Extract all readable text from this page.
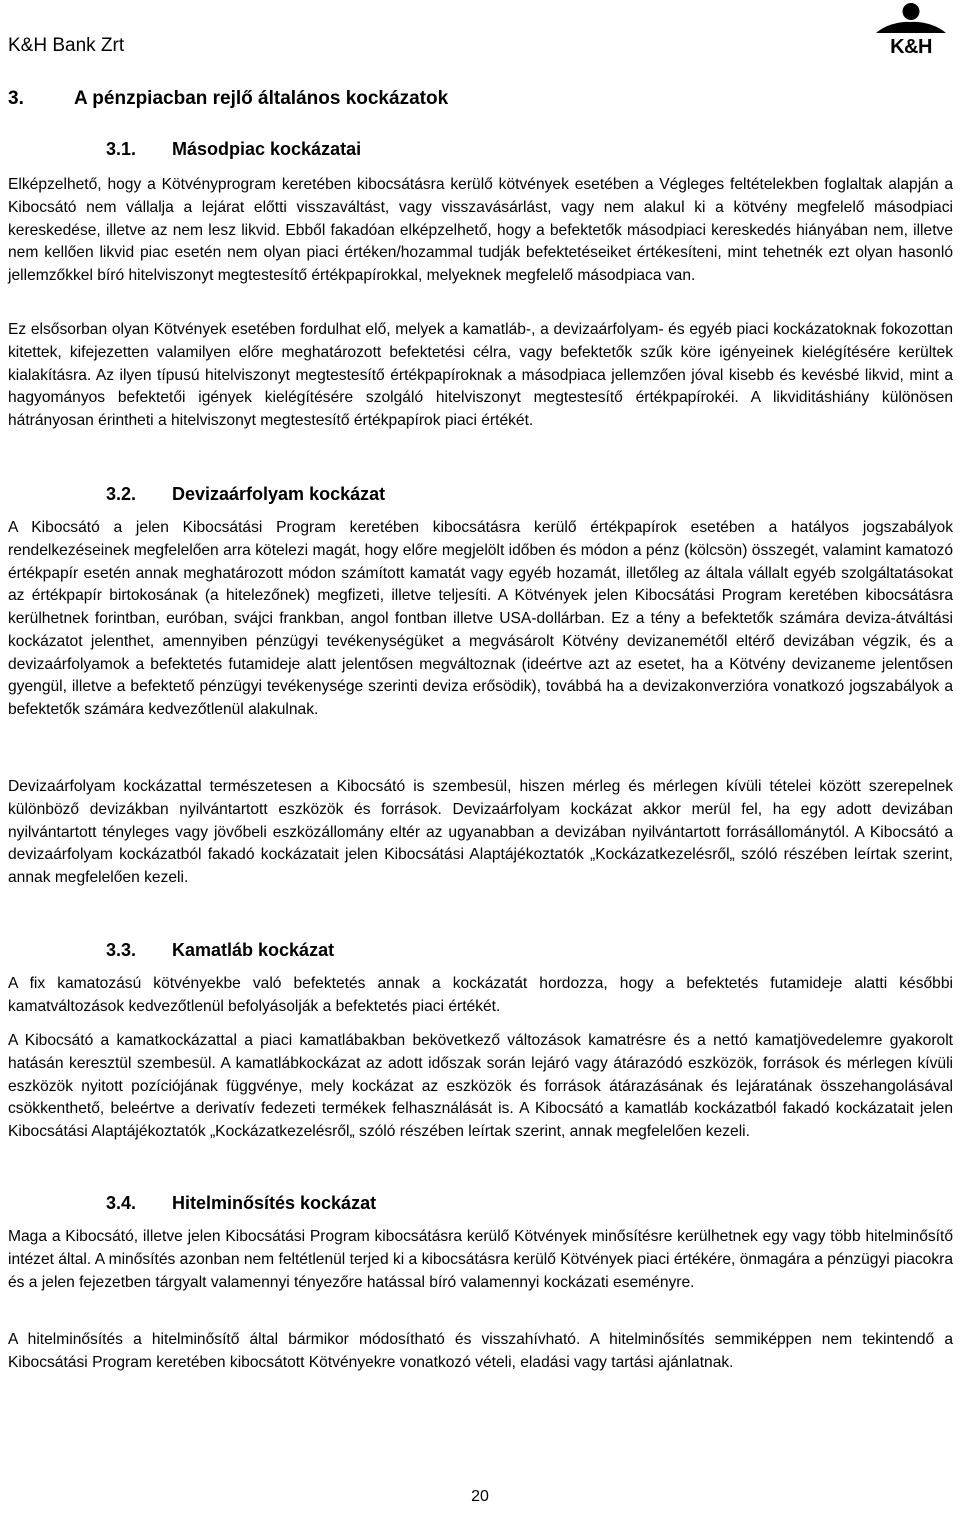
K&H Bank Zrt	K&H
3.	A pénzpiacban rejlő általános kockázatok
3.1. Másodpiac kockázatai

Elképzelhető, hogy a Kötvényprogram keretében kibocsátásra kerülő kötvények esetében a Végleges feltételekben foglaltak alapján a Kibocsátó nem vállalja a lejárat előtti visszaváltást, vagy visszavásárlást, vagy nem alakul ki a kötvény megfelelő másodpiaci kereskedése, illetve az nem lesz likvid. Ebből fakadóan elképzelhető, hogy a befektetők másodpiaci kereskedés hiányában nem, illetve nem kellően likvid piac esetén nem olyan piaci értéken/hozammal tudják befektetéseiket értékesíteni, mint tehetnék ezt olyan hasonló jellemzőkkel bíró hitelviszonyt megtestesítő értékpapírokkal, melyeknek megfelelő másodpiaca van.

Ez elsősorban olyan Kötvények esetében fordulhat elő, melyek a kamatláb-, a devizaárfolyam- és egyéb piaci kockázatoknak fokozottan kitettek, kifejezetten valamilyen előre meghatározott befektetési célra, vagy befektetők szűk köre igényeinek kielégítésére kerültek kialakításra. Az ilyen típusú hitelviszonyt megtestesítő értékpapíroknak a másodpiaca jellemzően jóval kisebb és kevésbé likvid, mint a hagyományos befektetői igények kielégítésére szolgáló hitelviszonyt megtestesítő értékpapírokéi. A likviditáshiány különösen hátrányosan érintheti a hitelviszonyt megtestesítő értékpapírok piaci értékét.

3.2. Devizaárfolyam kockázat

A Kibocsátó a jelen Kibocsátási Program keretében kibocsátásra kerülő értékpapírok esetében a hatályos jogszabályok rendelkezéseinek megfelelően arra kötelezi magát, hogy előre megjelölt időben és módon a pénz (kölcsön) összegét, valamint kamatozó értékpapír esetén annak meghatározott módon számított kamatát vagy egyéb hozamát, illetőleg az általa vállalt egyéb szolgáltatásokat az értékpapír birtokosának (a hitelezőnek) megfizeti, illetve teljesíti. A Kötvények jelen Kibocsátási Program keretében kibocsátásra kerülhetnek forintban, euróban, svájci frankban, angol fontban illetve USA-dollárban. Ez a tény a befektetők számára deviza-átváltási kockázatot jelenthet, amennyiben pénzügyi tevékenységüket a megvásárolt Kötvény devizanemétől eltérő devizában végzik, és a devizaárfolyamok a befektetés futamideje alatt jelentősen megváltoznak (ideértve azt az esetet, ha a Kötvény devizaneme jelentősen gyengül, illetve a befektető pénzügyi tevékenysége szerinti deviza erősödik), továbbá ha a devizakonverzióra vonatkozó jogszabályok a befektetők számára kedvezőtlenül alakulnak.

Devizaárfolyam kockázattal természetesen a Kibocsátó is szembesül, hiszen mérleg és mérlegen kívüli tételei között szerepelnek különböző devizákban nyilvántartott eszközök és források. Devizaárfolyam kockázat akkor merül fel, ha egy adott devizában nyilvántartott tényleges vagy jövőbeli eszközállomány eltér az ugyanabban a devizában nyilvántartott forrásállománytól. A Kibocsátó a devizaárfolyam kockázatból fakadó kockázatait jelen Kibocsátási Alaptájékoztatók „Kockázatkezelésről„ szóló részében leírtak szerint, annak megfelelően kezeli.

3.3. Kamatláb kockázat

A fix kamatozású kötvényekbe való befektetés annak a kockázatát hordozza, hogy a befektetés futamideje alatti későbbi kamatváltozások kedvezőtlenül befolyásolják a befektetés piaci értékét.

A Kibocsátó a kamatkockázattal a piaci kamatlábakban bekövetkező változások kamatrésre és a nettó kamatjövedelemre gyakorolt hatásán keresztül szembesül. A kamatlábkockázat az adott időszak során lejáró vagy átárazódó eszközök, források és mérlegen kívüli eszközök nyitott pozíciójának függvénye, mely kockázat az eszközök és források átárazásának és lejáratának összehangolásával csökkenthető, beleértve a derivatív fedezeti termékek felhasználását is. A Kibocsátó a kamatláb kockázatból fakadó kockázatait jelen Kibocsátási Alaptájékoztatók „Kockázatkezelésről„ szóló részében leírtak szerint, annak megfelelően kezeli.

3.4. Hitelminősítés kockázat

Maga a Kibocsátó, illetve jelen Kibocsátási Program kibocsátásra kerülő Kötvények minősítésre kerülhetnek egy vagy több hitelminősítő intézet által. A minősítés azonban nem feltétlenül terjed ki a kibocsátásra kerülő Kötvények piaci értékére, önmagára a pénzügyi piacokra és a jelen fejezetben tárgyalt valamennyi tényezőre hatással bíró valamennyi kockázati eseményre.

A hitelminősítés a hitelminősítő által bármikor módosítható és visszahívható. A hitelminősítés semmiképpen nem tekintendő a Kibocsátási Program keretében kibocsátott Kötvényekre vonatkozó vételi, eladási vagy tartási ajánlatnak.

20
